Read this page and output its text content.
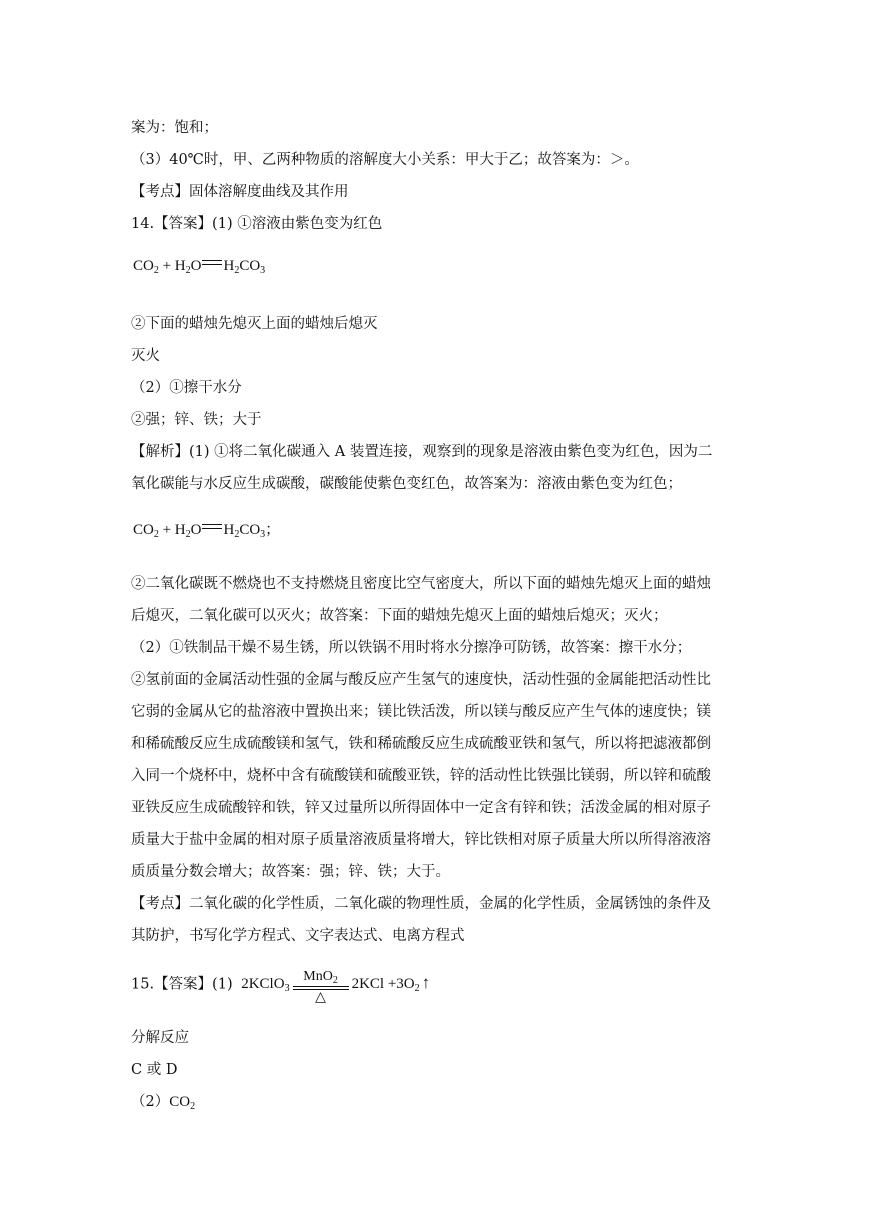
案为：饱和；
（3）40℃时，甲、乙两种物质的溶解度大小关系：甲大于乙；故答案为：＞。
【考点】固体溶解度曲线及其作用
14.【答案】(1) ①溶液由紫色变为红色
$CO_2 + H_2O$ $H_2CO_3$
②下面的蜡烛先熄灭上面的蜡烛后熄灭
灭火
（2）①擦干水分
②强；锌、铁；大于
【解析】(1) ①将二氧化碳通入 A 装置连接，观察到的现象是溶液由紫色变为红色，因为二
氧化碳能与水反应生成碳酸，碳酸能使紫色变红色，故答案为：溶液由紫色变为红色；
$CO_2 + H_2O$ $H_2CO_3$；
②二氧化碳既不燃烧也不支持燃烧且密度比空气密度大，所以下面的蜡烛先熄灭上面的蜡烛
后熄灭，二氧化碳可以灭火；故答案：下面的蜡烛先熄灭上面的蜡烛后熄灭；灭火；
（2）①铁制品干燥不易生锈，所以铁锅不用时将水分擦净可防锈，故答案：擦干水分；
②氢前面的金属活动性强的金属与酸反应产生氢气的速度快，活动性强的金属能把活动性比
它弱的金属从它的盐溶液中置换出来；镁比铁活泼，所以镁与酸反应产生气体的速度快；镁
和稀硫酸反应生成硫酸镁和氢气，铁和稀硫酸反应生成硫酸亚铁和氢气，所以将把滤液都倒
入同一个烧杯中，烧杯中含有硫酸镁和硫酸亚铁，锌的活动性比铁强比镁弱，所以锌和硫酸
亚铁反应生成硫酸锌和铁，锌又过量所以所得固体中一定含有锌和铁；活泼金属的相对原子
质量大于盐中金属的相对原子质量溶液质量将增大，锌比铁相对原子质量大所以所得溶液溶
质质量分数会增大；故答案：强；锌、铁；大于。
【考点】二氧化碳的化学性质，二氧化碳的物理性质，金属的化学性质，金属锈蚀的条件及
其防护，书写化学方程式、文字表达式、电离方程式
15.【答案】(1) 2KClO$_3$ $\frac{MnO_2}{\triangle} 2KCl +3O_2$ ↑
分解反应
C 或 D
$(2)CO_2$
